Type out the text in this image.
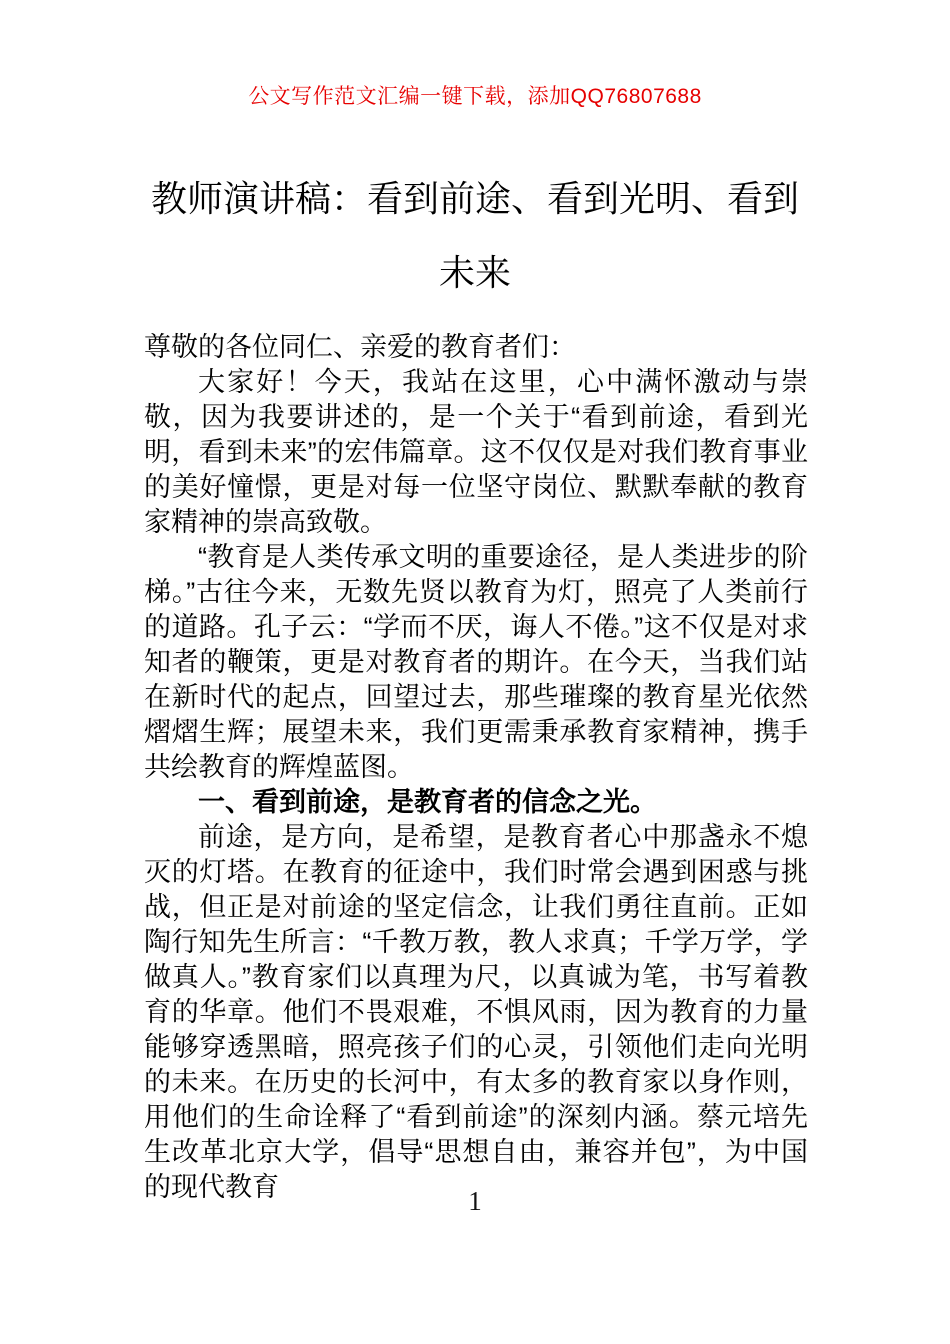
公文写作范文汇编一键下载，添加QQ76807688
教师演讲稿：看到前途、看到光明、看到未来

尊敬的各位同仁、亲爱的教育者们：

大家好！今天，我站在这里，心中满怀激动与崇敬，因为我要讲述的，是一个关于“看到前途，看到光明，看到未来”的宏伟篇章。这不仅仅是对我们教育事业的美好憧憬，更是对每一位坚守岗位、默默奉献的教育家精神的崇高致敬。

“教育是人类传承文明的重要途径，是人类进步的阶梯。”古往今来，无数先贤以教育为灯，照亮了人类前行的道路。孔子云：“学而不厌，诲人不倦。”这不仅是对求知者的鞭策，更是对教育者的期许。在今天，当我们站在新时代的起点，回望过去，那些璀璨的教育星光依然熠熠生辉；展望未来，我们更需秉承教育家精神，携手共绘教育的辉煌蓝图。

一、看到前途，是教育者的信念之光。

前途，是方向，是希望，是教育者心中那盏永不熄灭的灯塔。在教育的征途中，我们时常会遇到困惑与挑战，但正是对前途的坚定信念，让我们勇往直前。正如陶行知先生所言：“千教万教，教人求真；千学万学，学做真人。”教育家们以真理为尺，以真诚为笔，书写着教育的华章。他们不畏艰难，不惧风雨，因为教育的力量能够穿透黑暗，照亮孩子们的心灵，引领他们走向光明的未来。在历史的长河中，有太多的教育家以身作则，用他们的生命诠释了“看到前途”的深刻内涵。蔡元培先生改革北京大学，倡导“思想自由，兼容并包”，为中国的现代教育	1
